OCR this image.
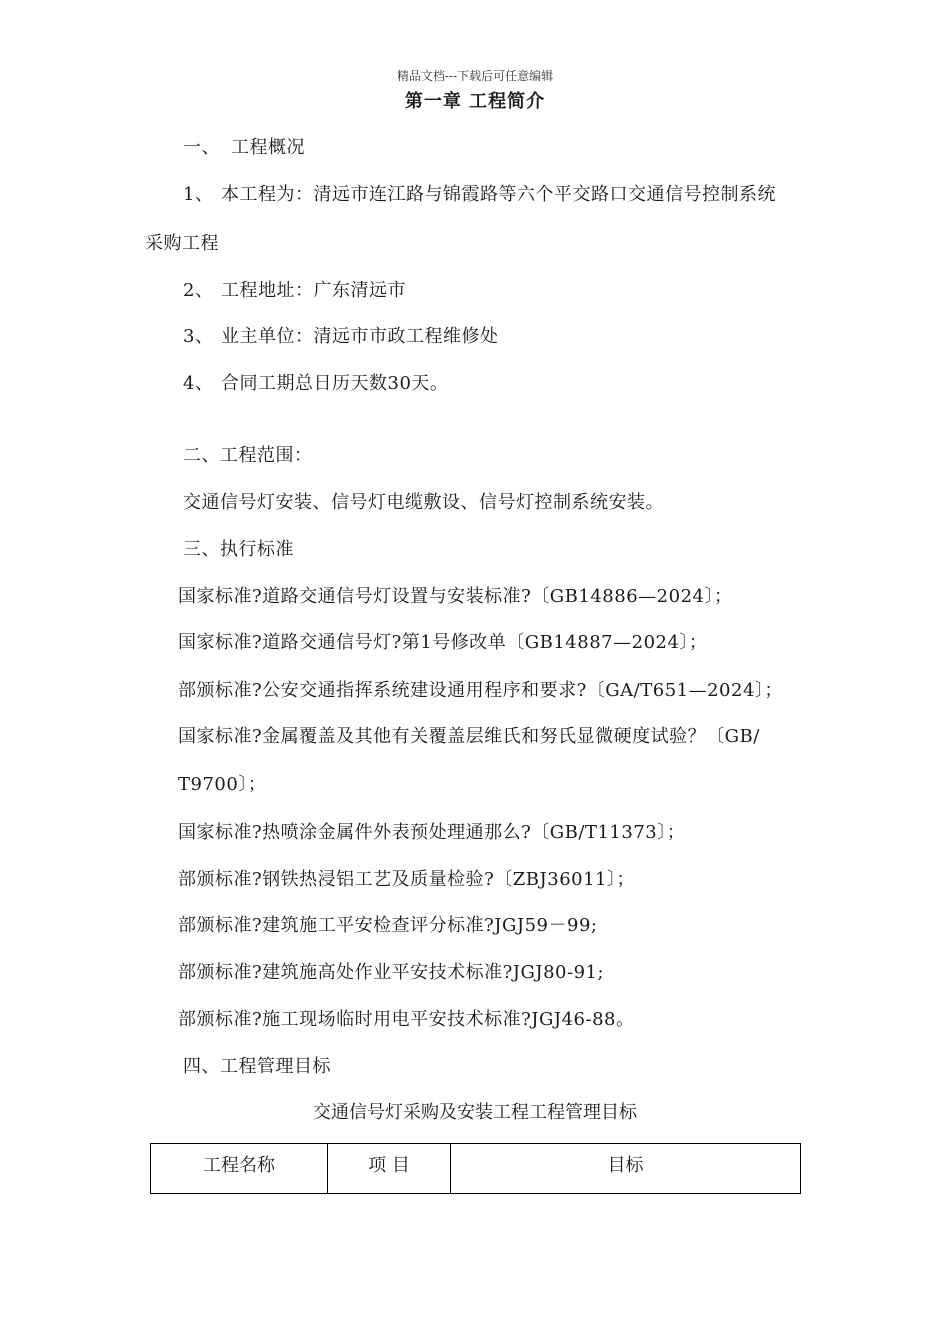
精品文档---下载后可任意编辑
第一章 工程简介
一、 工程概况
1、 本工程为：清远市连江路与锦霞路等六个平交路口交通信号控制系统
采购工程
2、 工程地址：广东清远市
3、 业主单位：清远市市政工程维修处
4、 合同工期总日历天数30天。
二、工程范围：
交通信号灯安装、信号灯电缆敷设、信号灯控制系统安装。
三、执行标准
国家标准?道路交通信号灯设置与安装标准?〔GB14886—2024〕；
国家标准?道路交通信号灯?第1号修改单〔GB14887—2024〕；
部颁标准?公安交通指挥系统建设通用程序和要求?〔GA/T651—2024〕；
国家标准?金属覆盖及其他有关覆盖层维氏和努氏显微硬度试验？〔GB/
T9700〕；
国家标准?热喷涂金属件外表预处理通那么?〔GB/T11373〕；
部颁标准?钢铁热浸铝工艺及质量检验?〔ZBJ36011〕；
部颁标准?建筑施工平安检查评分标准?JGJ59－99;
部颁标准?建筑施高处作业平安技术标准?JGJ80-91;
部颁标准?施工现场临时用电平安技术标准?JGJ46-88。
四、工程管理目标
交通信号灯采购及安装工程工程管理目标
工程名称	项 目	目标
